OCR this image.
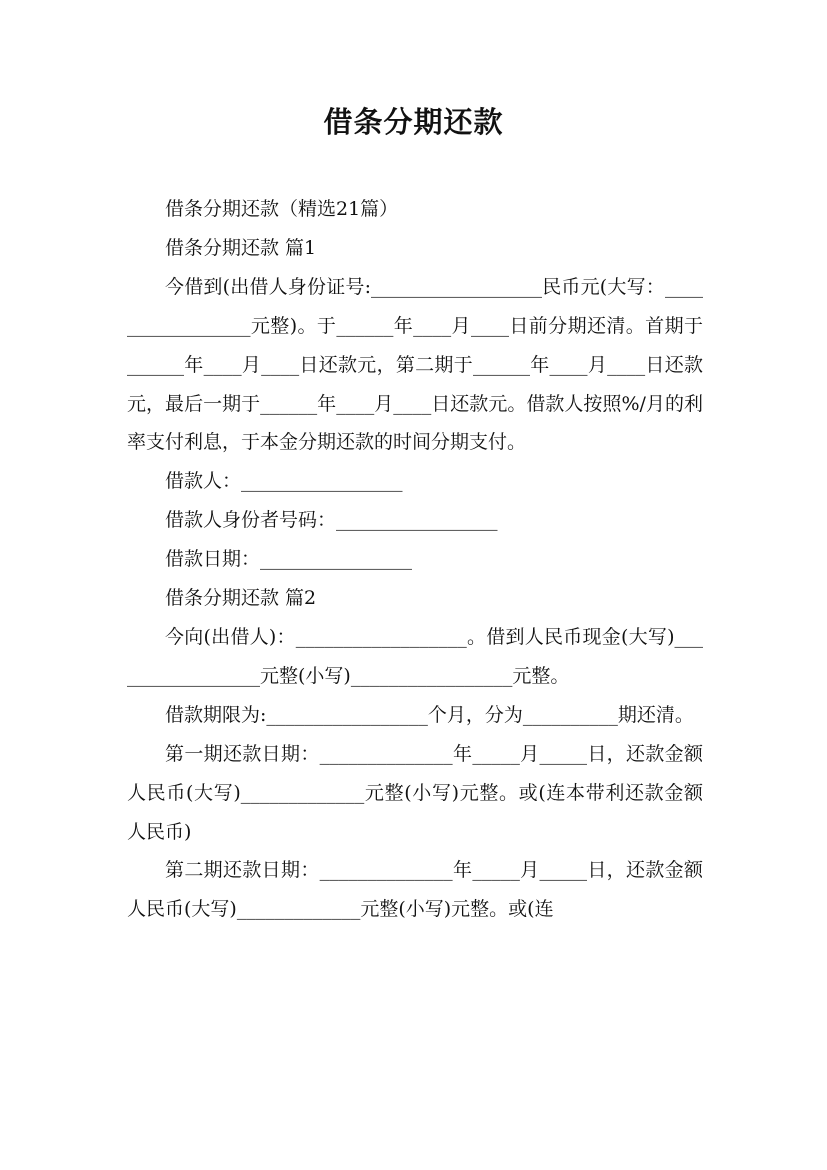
借条分期还款

借条分期还款（精选21篇）

借条分期还款 篇1

今借到(出借人身份证号:__________________民币元(大写：_________________元整)。于______年____月____日前分期还清。首期于______年____月____日还款元，第二期于______年____月____日还款元，最后一期于______年____月____日还款元。借款人按照%/月的利率支付利息，于本金分期还款的时间分期支付。

借款人：_________________

借款人身份者号码：_________________

借款日期：________________

借条分期还款 篇2

今向(出借人)：__________________。借到人民币现金(大写)_________________元整(小写)_________________元整。

借款期限为:_________________个月，分为__________期还清。

第一期还款日期：______________年_____月_____日，还款金额人民币(大写)_____________元整(小写)元整。或(连本带利还款金额人民币)

第二期还款日期：______________年_____月_____日，还款金额人民币(大写)_____________元整(小写)元整。或(连
